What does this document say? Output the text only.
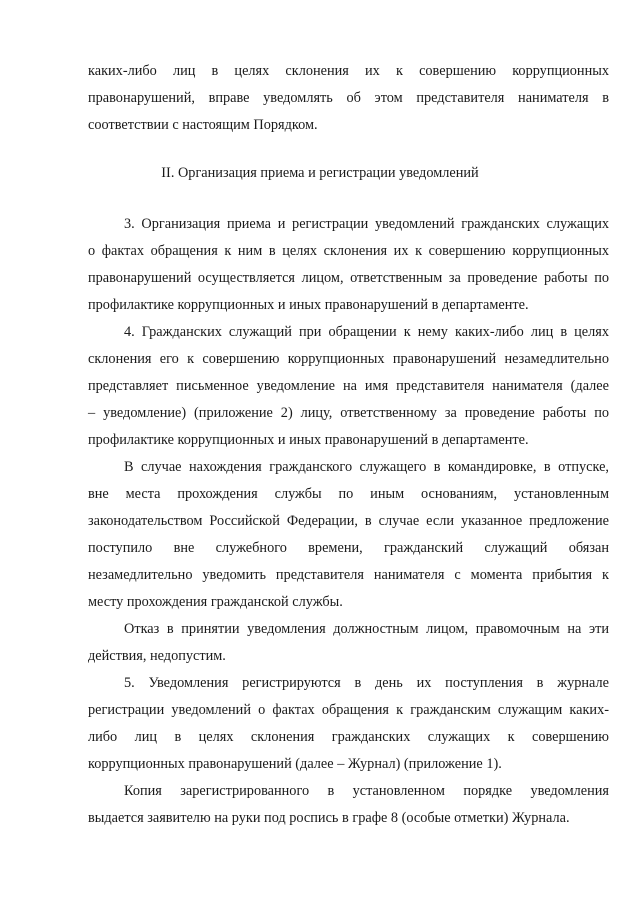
каких-либо лиц в целях склонения их к совершению коррупционных
правонарушений, вправе уведомлять об этом представителя нанимателя в
соответствии с настоящим Порядком.
II. Организация приема и регистрации уведомлений
3. Организация приема и регистрации уведомлений гражданских служащих
о фактах обращения к ним в целях склонения их к совершению коррупционных
правонарушений осуществляется лицом, ответственным за проведение работы по
профилактике коррупционных и иных правонарушений в департаменте.
4. Гражданских служащий при обращении к нему каких-либо лиц в целях
склонения его к совершению коррупционных правонарушений незамедлительно
представляет письменное уведомление на имя представителя нанимателя (далее
– уведомление) (приложение 2) лицу, ответственному за проведение работы по
профилактике коррупционных и иных правонарушений в департаменте.
В случае нахождения гражданского служащего в командировке, в отпуске,
вне места прохождения службы по иным основаниям, установленным
законодательством Российской Федерации, в случае если указанное предложение
поступило вне служебного времени, гражданский служащий обязан
незамедлительно уведомить представителя нанимателя с момента прибытия к
месту прохождения гражданской службы.
Отказ в принятии уведомления должностным лицом, правомочным на эти
действия, недопустим.
5. Уведомления регистрируются в день их поступления в журнале
регистрации уведомлений о фактах обращения к гражданским служащим каких-
либо лиц в целях склонения гражданских служащих к совершению
коррупционных правонарушений (далее – Журнал) (приложение 1).
Копия зарегистрированного в установленном порядке уведомления
выдается заявителю на руки под роспись в графе 8 (особые отметки) Журнала.
